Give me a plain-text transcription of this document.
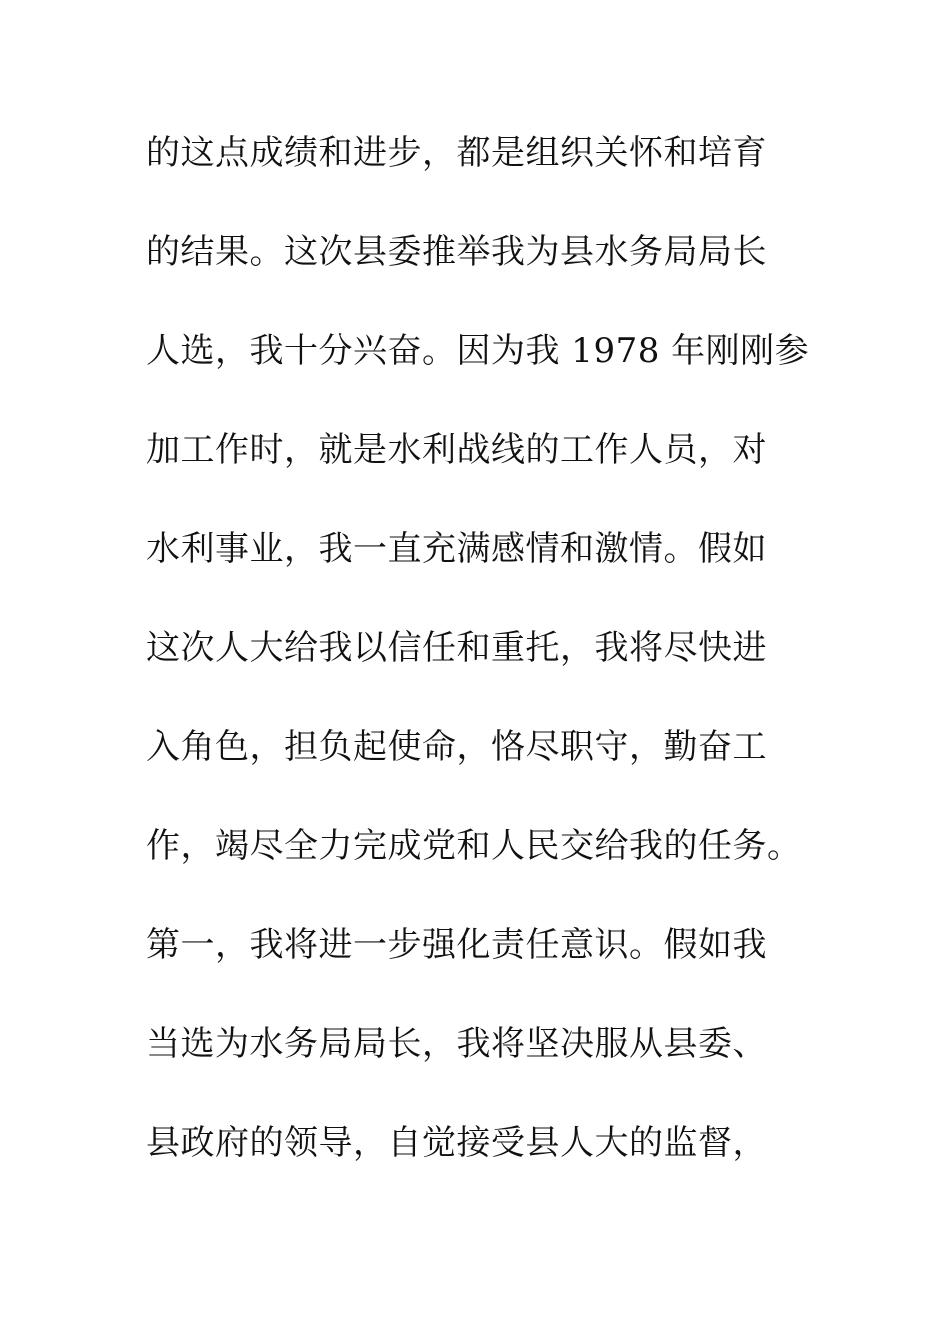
的这点成绩和进步，都是组织关怀和培育
的结果。这次县委推举我为县水务局局长
人选，我十分兴奋。因为我 1978 年刚刚参
加工作时，就是水利战线的工作人员，对
水利事业，我一直充满感情和激情。假如
这次人大给我以信任和重托，我将尽快进
入角色，担负起使命，恪尽职守，勤奋工
作，竭尽全力完成党和人民交给我的任务。
第一，我将进一步强化责任意识。假如我
当选为水务局局长，我将坚决服从县委、
县政府的领导，自觉接受县人大的监督，
